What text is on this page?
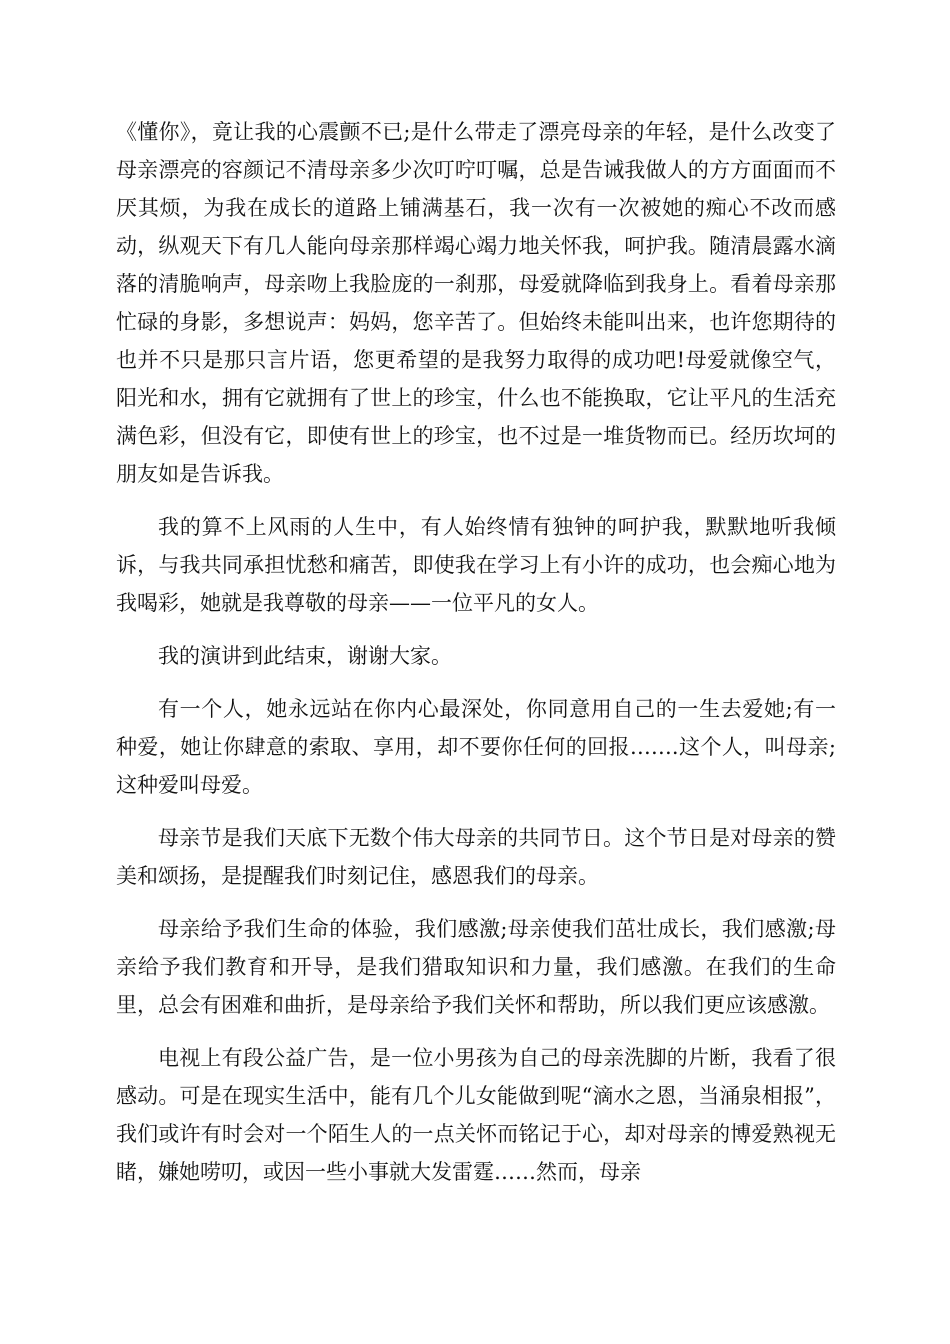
《懂你》，竟让我的心震颤不已;是什么带走了漂亮母亲的年轻，是什么改变了母亲漂亮的容颜记不清母亲多少次叮咛叮嘱，总是告诫我做人的方方面面而不厌其烦，为我在成长的道路上铺满基石，我一次有一次被她的痴心不改而感动，纵观天下有几人能向母亲那样竭心竭力地关怀我，呵护我。随清晨露水滴落的清脆响声，母亲吻上我脸庞的一刹那，母爱就降临到我身上。看着母亲那忙碌的身影，多想说声：妈妈，您辛苦了。但始终未能叫出来，也许您期待的也并不只是那只言片语，您更希望的是我努力取得的成功吧!母爱就像空气，阳光和水，拥有它就拥有了世上的珍宝，什么也不能换取，它让平凡的生活充满色彩，但没有它，即使有世上的珍宝，也不过是一堆货物而已。经历坎坷的朋友如是告诉我。

我的算不上风雨的人生中，有人始终情有独钟的呵护我，默默地听我倾诉，与我共同承担忧愁和痛苦，即使我在学习上有小许的成功，也会痴心地为我喝彩，她就是我尊敬的母亲——一位平凡的女人。

我的演讲到此结束，谢谢大家。

有一个人，她永远站在你内心最深处，你同意用自己的一生去爱她;有一种爱，她让你肆意的索取、享用，却不要你任何的回报…….这个人，叫母亲;这种爱叫母爱。

母亲节是我们天底下无数个伟大母亲的共同节日。这个节日是对母亲的赞美和颂扬，是提醒我们时刻记住，感恩我们的母亲。

母亲给予我们生命的体验，我们感激;母亲使我们茁壮成长，我们感激;母亲给予我们教育和开导，是我们猎取知识和力量，我们感激。在我们的生命里，总会有困难和曲折，是母亲给予我们关怀和帮助，所以我们更应该感激。

电视上有段公益广告，是一位小男孩为自己的母亲洗脚的片断，我看了很感动。可是在现实生活中，能有几个儿女能做到呢“滴水之恩，当涌泉相报”，我们或许有时会对一个陌生人的一点关怀而铭记于心，却对母亲的博爱熟视无睹，嫌她唠叨，或因一些小事就大发雷霆……然而，母亲
